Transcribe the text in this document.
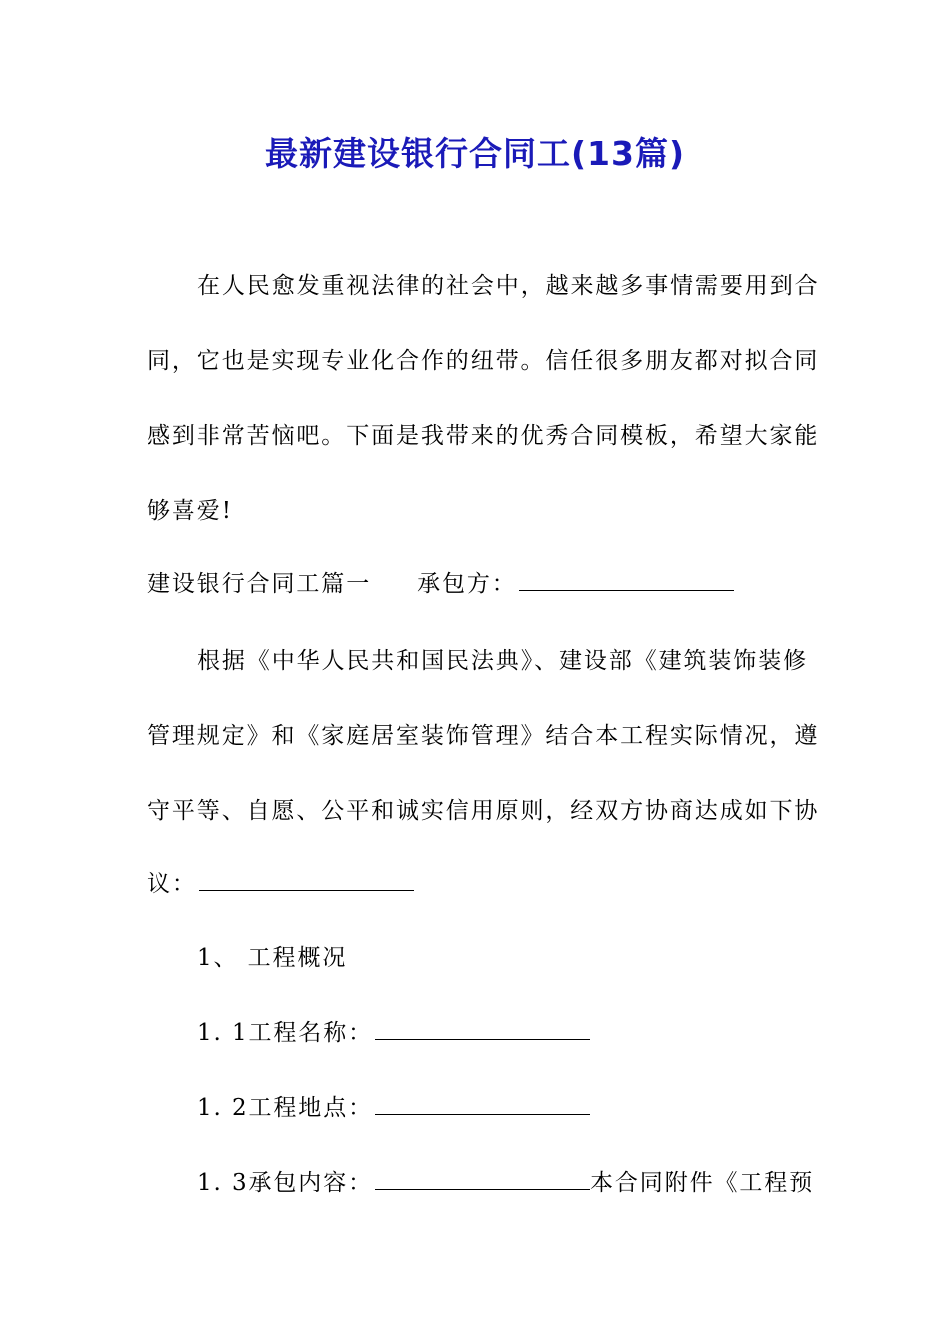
最新建设银行合同工(13篇)
在人民愈发重视法律的社会中，越来越多事情需要用到合
同，它也是实现专业化合作的纽带。信任很多朋友都对拟合同
感到非常苦恼吧。下面是我带来的优秀合同模板，希望大家能
够喜爱!
建设银行合同工篇一 承包方：
根据《中华人民共和国民法典》、建设部《建筑装饰装修
管理规定》和《家庭居室装饰管理》结合本工程实际情况，遵
守平等、自愿、公平和诚实信用原则，经双方协商达成如下协
议：
1、 工程概况
1. 1工程名称：
1. 2工程地点：
1. 3承包内容：	本合同附件《工程预
